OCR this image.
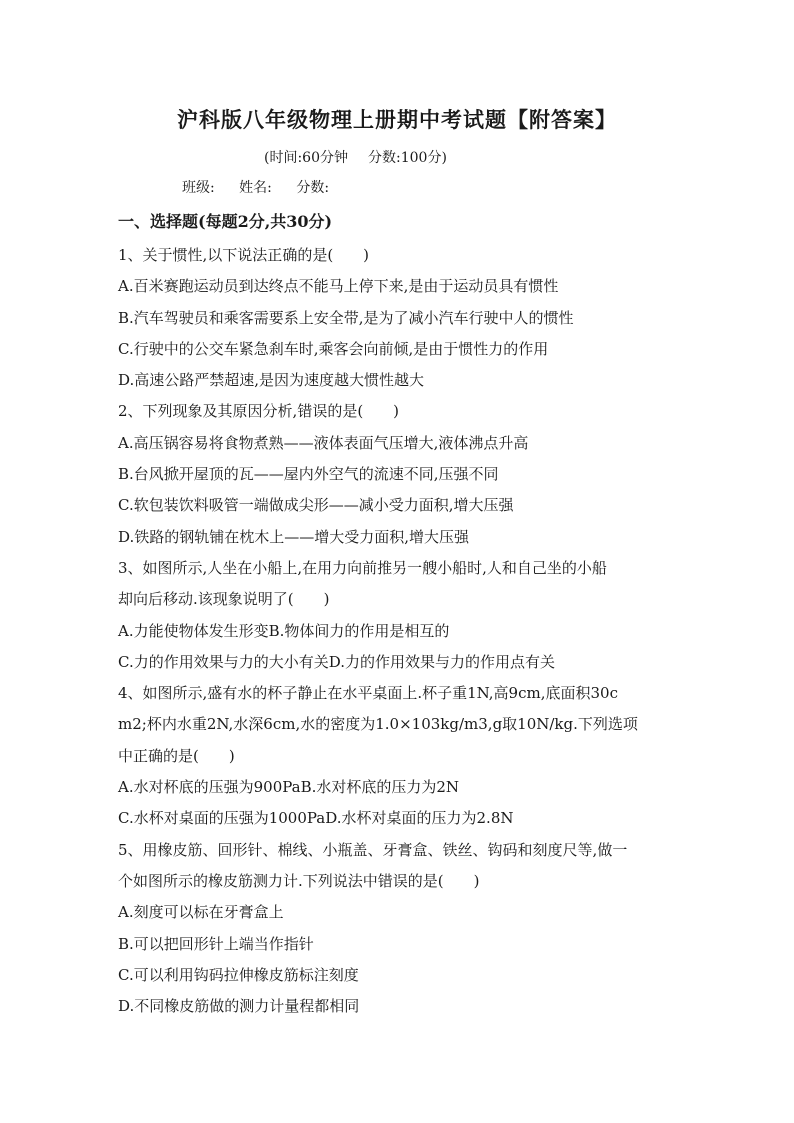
沪科版八年级物理上册期中考试题【附答案】
(时间:60分钟 分数:100分)
班级: 姓名: 分数:
一、选择题(每题2分,共30分)
1、关于惯性,以下说法正确的是(　　)
A.百米赛跑运动员到达终点不能马上停下来,是由于运动员具有惯性
B.汽车驾驶员和乘客需要系上安全带,是为了减小汽车行驶中人的惯性
C.行驶中的公交车紧急刹车时,乘客会向前倾,是由于惯性力的作用
D.高速公路严禁超速,是因为速度越大惯性越大
2、下列现象及其原因分析,错误的是(　　)
A.高压锅容易将食物煮熟——液体表面气压增大,液体沸点升高
B.台风掀开屋顶的瓦——屋内外空气的流速不同,压强不同
C.软包装饮料吸管一端做成尖形——减小受力面积,增大压强
D.铁路的钢轨铺在枕木上——增大受力面积,增大压强
3、如图所示,人坐在小船上,在用力向前推另一艘小船时,人和自己坐的小船
却向后移动.该现象说明了(　　)
A.力能使物体发生形变B.物体间力的作用是相互的
C.力的作用效果与力的大小有关D.力的作用效果与力的作用点有关
4、如图所示,盛有水的杯子静止在水平桌面上.杯子重1N,高9cm,底面积30c
m2;杯内水重2N,水深6cm,水的密度为1.0×103kg/m3,g取10N/kg.下列选项
中正确的是(　　)
A.水对杯底的压强为900PaB.水对杯底的压力为2N
C.水杯对桌面的压强为1000PaD.水杯对桌面的压力为2.8N
5、用橡皮筋、回形针、棉线、小瓶盖、牙膏盒、铁丝、钩码和刻度尺等,做一
个如图所示的橡皮筋测力计.下列说法中错误的是(　　)
A.刻度可以标在牙膏盒上
B.可以把回形针上端当作指针
C.可以利用钩码拉伸橡皮筋标注刻度
D.不同橡皮筋做的测力计量程都相同
